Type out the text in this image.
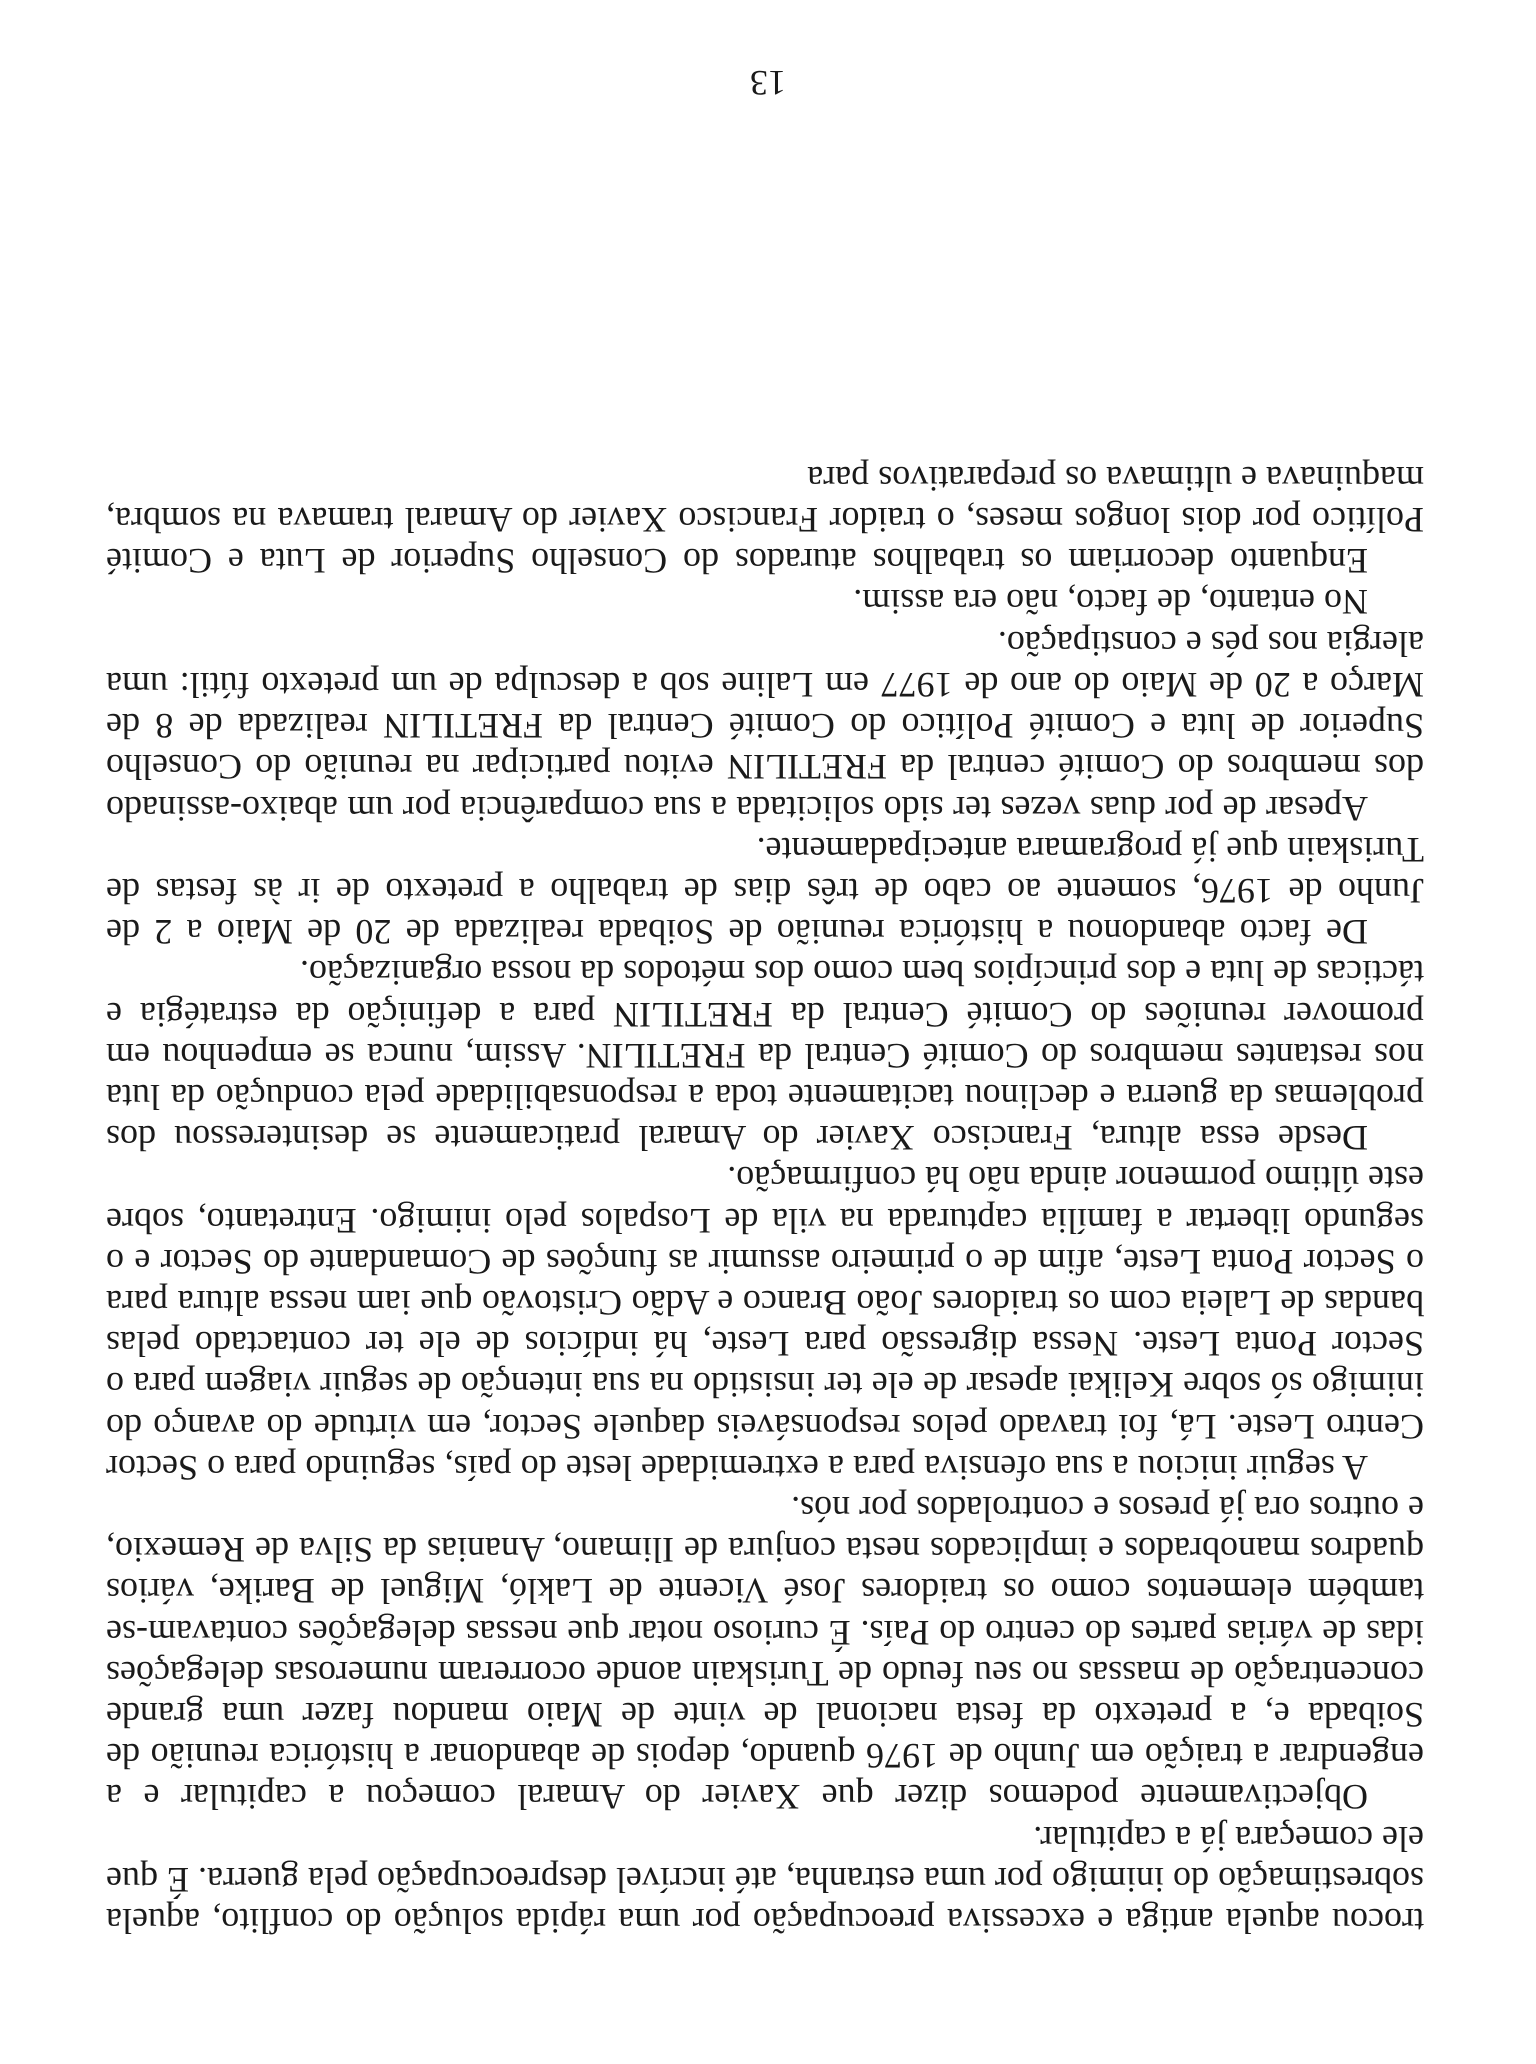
trocou aquela antiga e excessiva preocupação por uma rápida solução do conflito, aquela sobrestimação do inimigo por uma estranha, até incrível despreocupação pela guerra. É que ele começara já a capitular.

Objectivamente podemos dizer que Xavier do Amaral começou a capitular e a engendrar a traição em Junho de 1976 quando, depois de abandonar a histórica reunião de Soibada e, a pretexto da festa nacional de vinte de Maio mandou fazer uma grande concentração de massas no seu feudo de Turiskain aonde ocorreram numerosas delegações idas de várias partes do centro do País. É curioso notar que nessas delegações contavam-se também elementos como os traidores José Vicente de Lakló, Miguel de Barike, vários quadros manobrados e implicados nesta conjura de Ilimano, Ananias da Silva de Remexio, e outros ora já presos e controlados por nós.

A seguir iniciou a sua ofensiva para a extremidade leste do país, seguindo para o Sector Centro Leste. Lá, foi travado pelos responsáveis daquele Sector, em virtude do avanço do inimigo só sobre Kelikai apesar de ele ter insistido na sua intenção de seguir viagem para o Sector Ponta Leste. Nessa digressão para Leste, há indícios de ele ter contactado pelas bandas de Laleia com os traidores João Branco e Adão Cristovão que iam nessa altura para o Sector Ponta Leste, afim de o primeiro assumir as funções de Comandante do Sector e o segundo libertar a família capturada na vila de Lospalos pelo inimigo. Entretanto, sobre este último pormenor ainda não há confirmação.

Desde essa altura, Francisco Xavier do Amaral praticamente se desinteressou dos problemas da guerra e declinou tacitamente toda a responsabilidade pela condução da luta nos restantes membros do Comité Central da FRETILIN. Assim, nunca se empenhou em promover reuniões do Comité Central da FRETILIN para a definição da estratégia e tácticas de luta e dos princípios bem como dos métodos da nossa organização.

De facto abandonou a histórica reunião de Soibada realizada de 20 de Maio a 2 de Junho de 1976, somente ao cabo de três dias de trabalho a pretexto de ir às festas de Turiskain que já programara antecipadamente.

Apesar de por duas vezes ter sido solicitada a sua comparência por um abaixo-assinado dos membros do Comité central da FRETILIN evitou participar na reunião do Conselho Superior de luta e Comité Político do Comité Central da FRETILIN realizada de 8 de Março a 20 de Maio do ano de 1977 em Laline sob a desculpa de um pretexto fútil: uma alergia nos pés e constipação.

No entanto, de facto, não era assim.

Enquanto decorriam os trabalhos aturados do Conselho Superior de Luta e Comité Político por dois longos meses, o traidor Francisco Xavier do Amaral tramava na sombra, maquinava e ultimava os preparativos para

13
